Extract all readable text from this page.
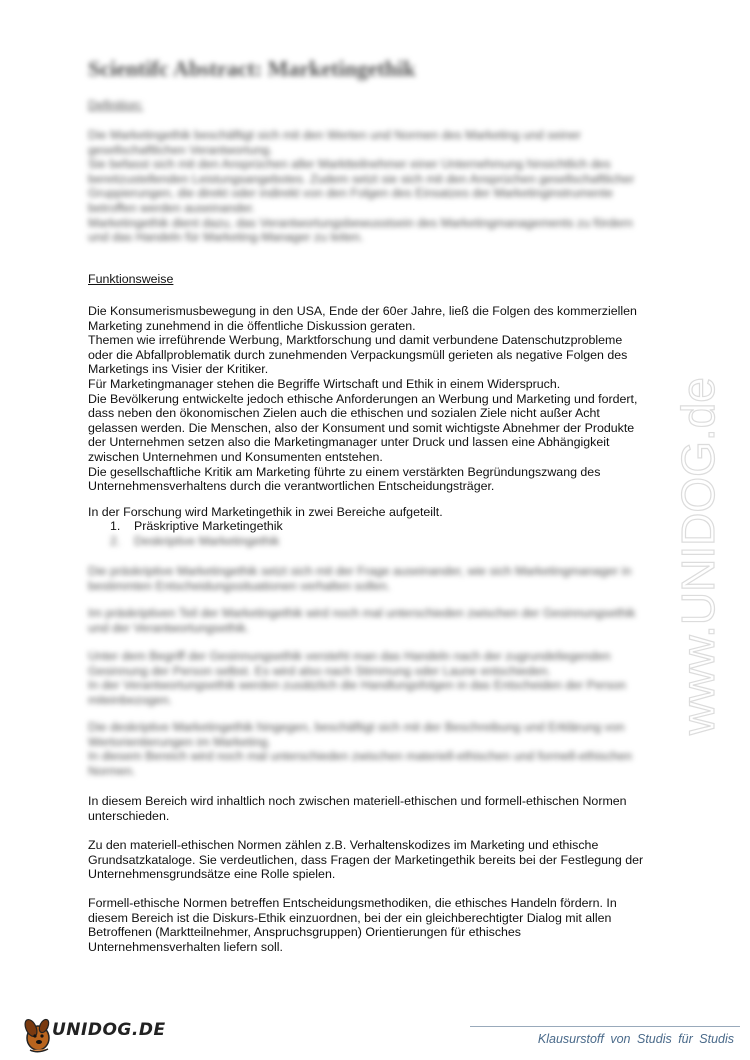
Scientifc Abstract: Marketingethik
Definition:
Die Marketingethik beschäftigt sich mit den Werten und Normen des Marketing und seiner
gesellschaftlichen Verantwortung.
Sie befasst sich mit den Ansprüchen aller Marktteilnehmer einer Unternehmung hinsichtlich des
bereitzustellenden Leistungsangebotes. Zudem setzt sie sich mit den Ansprüchen gesellschaftlicher
Gruppierungen, die direkt oder indirekt von den Folgen des Einsatzes der Marketinginstrumente
betroffen werden auseinander.
Marketingethik dient dazu, das Verantwortungsbewusstsein des Marketingmanagements zu fördern
und das Handeln für Marketing-Manager zu leiten.
Funktionsweise
Die Konsumerismusbewegung in den USA, Ende der 60er Jahre, ließ die Folgen des kommerziellen
Marketing zunehmend in die öffentliche Diskussion geraten.
Themen wie irreführende Werbung, Marktforschung und damit verbundene Datenschutzprobleme
oder die Abfallproblematik durch zunehmenden Verpackungsmüll gerieten als negative Folgen des
Marketings ins Visier der Kritiker.
Für Marketingmanager stehen die Begriffe Wirtschaft und Ethik in einem Widerspruch.
Die Bevölkerung entwickelte jedoch ethische Anforderungen an Werbung und Marketing und fordert,
dass neben den ökonomischen Zielen auch die ethischen und sozialen Ziele nicht außer Acht
gelassen werden. Die Menschen, also der Konsument und somit wichtigste Abnehmer der Produkte
der Unternehmen setzen also die Marketingmanager unter Druck und lassen eine Abhängigkeit
zwischen Unternehmen und Konsumenten entstehen.
Die gesellschaftliche Kritik am Marketing führte zu einem verstärkten Begründungszwang des
Unternehmensverhaltens durch die verantwortlichen Entscheidungsträger.
In der Forschung wird Marketingethik in zwei Bereiche aufgeteilt.
1. Präskriptive Marketingethik
2. Deskriptive Marketingethik
Die präskriptive Marketingethik setzt sich mit der Frage auseinander, wie sich Marketingmanager in
bestimmten Entscheidungssituationen verhalten sollen.
Im präskriptiven Teil der Marketingethik wird noch mal unterschieden zwischen der Gesinnungsethik
und der Verantwortungsethik.
Unter dem Begriff der Gesinnungsethik versteht man das Handeln nach der zugrundeliegenden
Gesinnung der Person selbst. Es wird also nach Stimmung oder Laune entschieden.
In der Verantwortungsethik werden zusätzlich die Handlungsfolgen in das Entscheiden der Person
miteinbezogen.
Die deskriptive Marketingethik hingegen, beschäftigt sich mit der Beschreibung und Erklärung von
Wertorientierungen im Marketing.
In diesem Bereich wird noch mal unterschieden zwischen materiell-ethischen und formell-ethischen
Normen.
In diesem Bereich wird inhaltlich noch zwischen materiell-ethischen und formell-ethischen Normen
unterschieden.
Zu den materiell-ethischen Normen zählen z.B. Verhaltenskodizes im Marketing und ethische
Grundsatzkataloge. Sie verdeutlichen, dass Fragen der Marketingethik bereits bei der Festlegung der
Unternehmensgrundsätze eine Rolle spielen.
Formell-ethische Normen betreffen Entscheidungsmethodiken, die ethisches Handeln fördern. In
diesem Bereich ist die Diskurs-Ethik einzuordnen, bei der ein gleichberechtigter Dialog mit allen
Betroffenen (Marktteilnehmer, Anspruchsgruppen) Orientierungen für ethisches
Unternehmensverhalten liefern soll.
www.UNIDOG.de
UNIDOG.DE	Klausurstoff von Studis für Studis
